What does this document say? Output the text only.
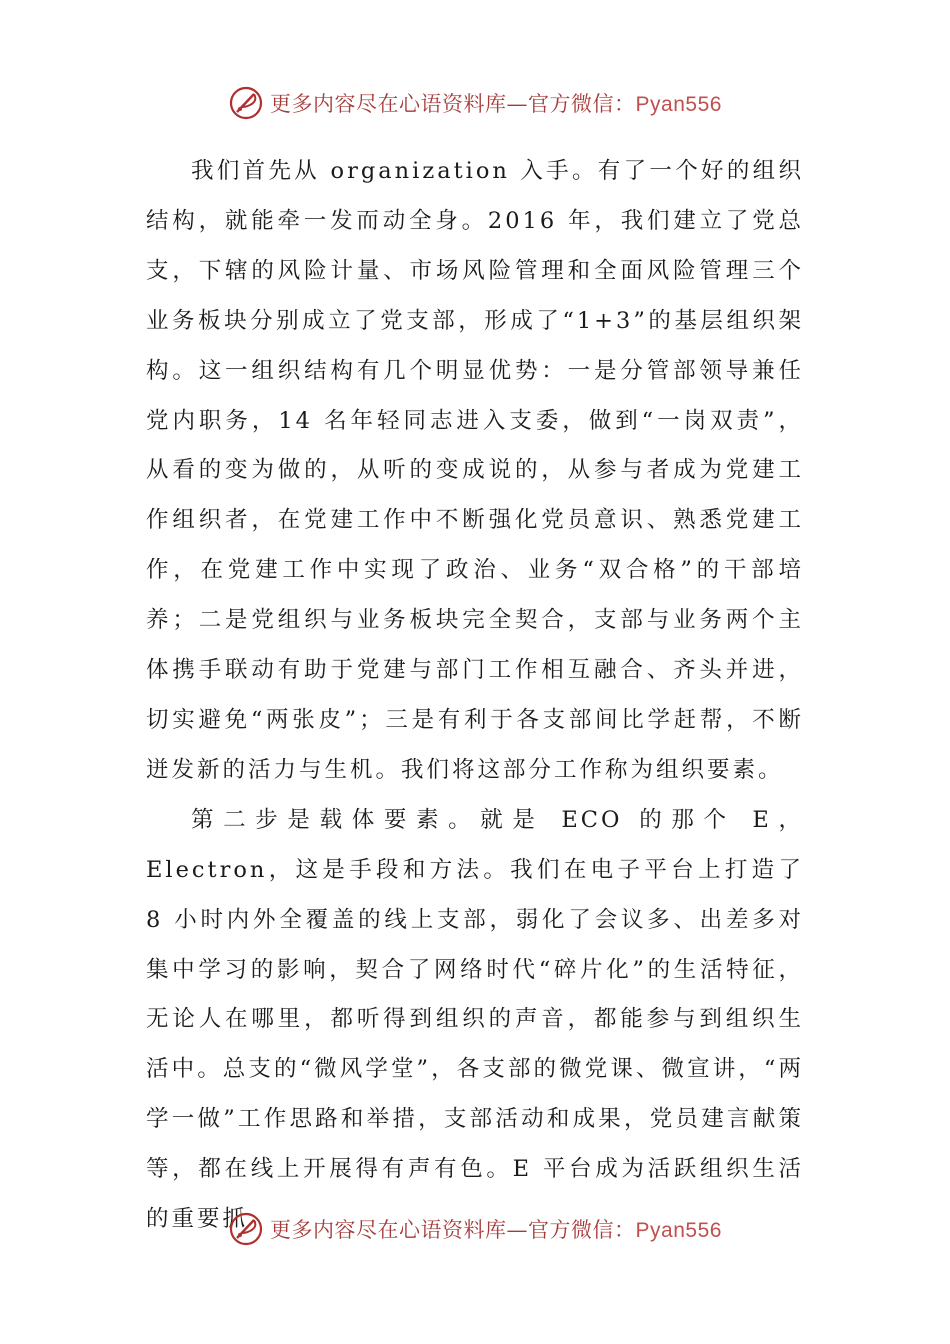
更多内容尽在心语资料库—官方微信：Pyan556

我们首先从 organization 入手。有了一个好的组织结构，就能牵一发而动全身。2016 年，我们建立了党总支，下辖的风险计量、市场风险管理和全面风险管理三个业务板块分别成立了党支部，形成了“1+3”的基层组织架构。这一组织结构有几个明显优势：一是分管部领导兼任党内职务，14 名年轻同志进入支委，做到“一岗双责”，从看的变为做的，从听的变成说的，从参与者成为党建工作组织者，在党建工作中不断强化党员意识、熟悉党建工作，在党建工作中实现了政治、业务“双合格”的干部培养；二是党组织与业务板块完全契合，支部与业务两个主体携手联动有助于党建与部门工作相互融合、齐头并进，切实避免“两张皮”；三是有利于各支部间比学赶帮，不断迸发新的活力与生机。我们将这部分工作称为组织要素。

第二步是载体要素。就是 ECO 的那个 E，Electron，这是手段和方法。我们在电子平台上打造了 8 小时内外全覆盖的线上支部，弱化了会议多、出差多对集中学习的影响，契合了网络时代“碎片化”的生活特征，无论人在哪里，都听得到组织的声音，都能参与到组织生活中。总支的“微风学堂”，各支部的微党课、微宣讲，“两学一做”工作思路和举措，支部活动和成果，党员建言献策等，都在线上开展得有声有色。E 平台成为活跃组织生活的重要抓	更多内容尽在心语资料库—官方微信：Pyan556
